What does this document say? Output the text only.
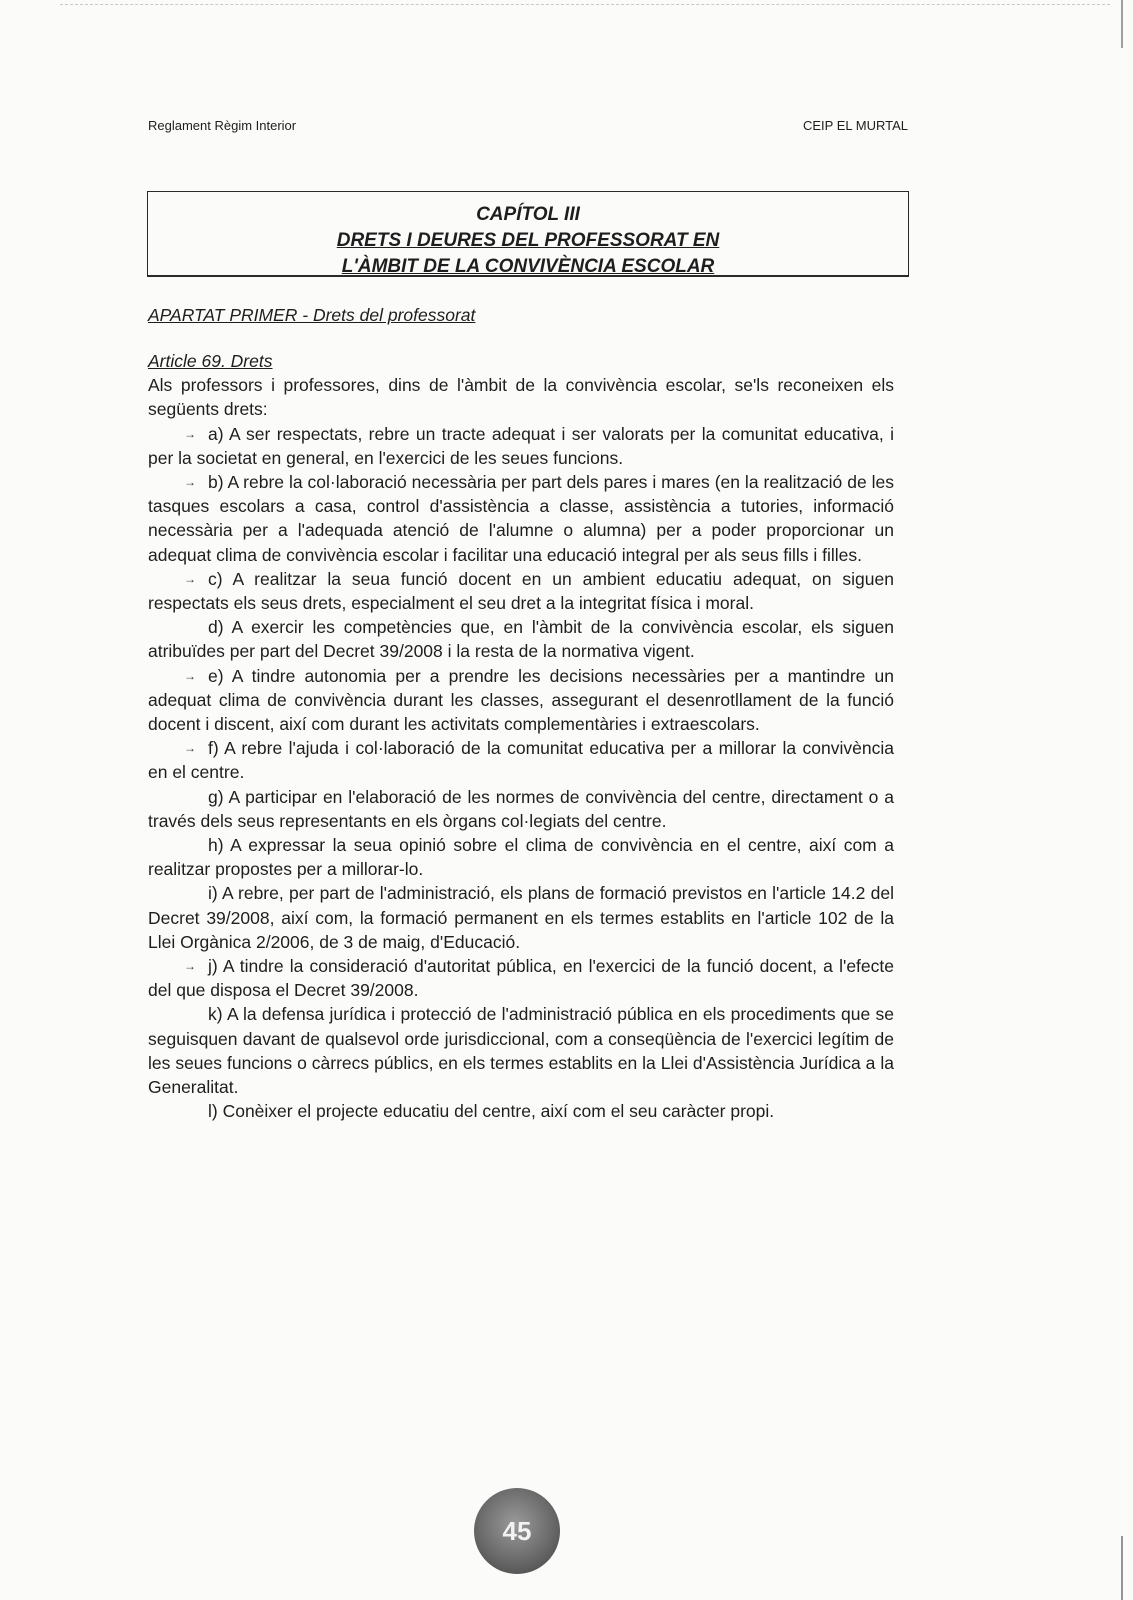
Reglament Règim Interior	CEIP EL MURTAL
CAPÍTOL III
DRETS I DEURES DEL PROFESSORAT EN
L'ÀMBIT DE LA CONVIVÈNCIA ESCOLAR
APARTAT PRIMER - Drets del professorat

Article 69. Drets

Als professors i professores, dins de l'àmbit de la convivència escolar, se'ls reconeixen els següents drets:

→ a) A ser respectats, rebre un tracte adequat i ser valorats per la comunitat educativa, i per la societat en general, en l'exercici de les seues funcions.

→ b) A rebre la col·laboració necessària per part dels pares i mares (en la realització de les tasques escolars a casa, control d'assistència a classe, assistència a tutories, informació necessària per a l'adequada atenció de l'alumne o alumna) per a poder proporcionar un adequat clima de convivència escolar i facilitar una educació integral per als seus fills i filles.

→ c) A realitzar la seua funció docent en un ambient educatiu adequat, on siguen respectats els seus drets, especialment el seu dret a la integritat física i moral.

d) A exercir les competències que, en l'àmbit de la convivència escolar, els siguen atribuïdes per part del Decret 39/2008 i la resta de la normativa vigent.

→ e) A tindre autonomia per a prendre les decisions necessàries per a mantindre un adequat clima de convivència durant les classes, assegurant el desenrotllament de la funció docent i discent, així com durant les activitats complementàries i extraescolars.

→ f) A rebre l'ajuda i col·laboració de la comunitat educativa per a millorar la convivència en el centre.

g) A participar en l'elaboració de les normes de convivència del centre, directament o a través dels seus representants en els òrgans col·legiats del centre.

h) A expressar la seua opinió sobre el clima de convivència en el centre, així com a realitzar propostes per a millorar-lo.

i) A rebre, per part de l'administració, els plans de formació previstos en l'article 14.2 del Decret 39/2008, així com, la formació permanent en els termes establits en l'article 102 de la Llei Orgànica 2/2006, de 3 de maig, d'Educació.

→ j) A tindre la consideració d'autoritat pública, en l'exercici de la funció docent, a l'efecte del que disposa el Decret 39/2008.

k) A la defensa jurídica i protecció de l'administració pública en els procediments que se seguisquen davant de qualsevol orde jurisdiccional, com a conseqüència de l'exercici legítim de les seues funcions o càrrecs públics, en els termes establits en la Llei d'Assistència Jurídica a la Generalitat.

l) Conèixer el projecte educatiu del centre, així com el seu caràcter propi.

45
